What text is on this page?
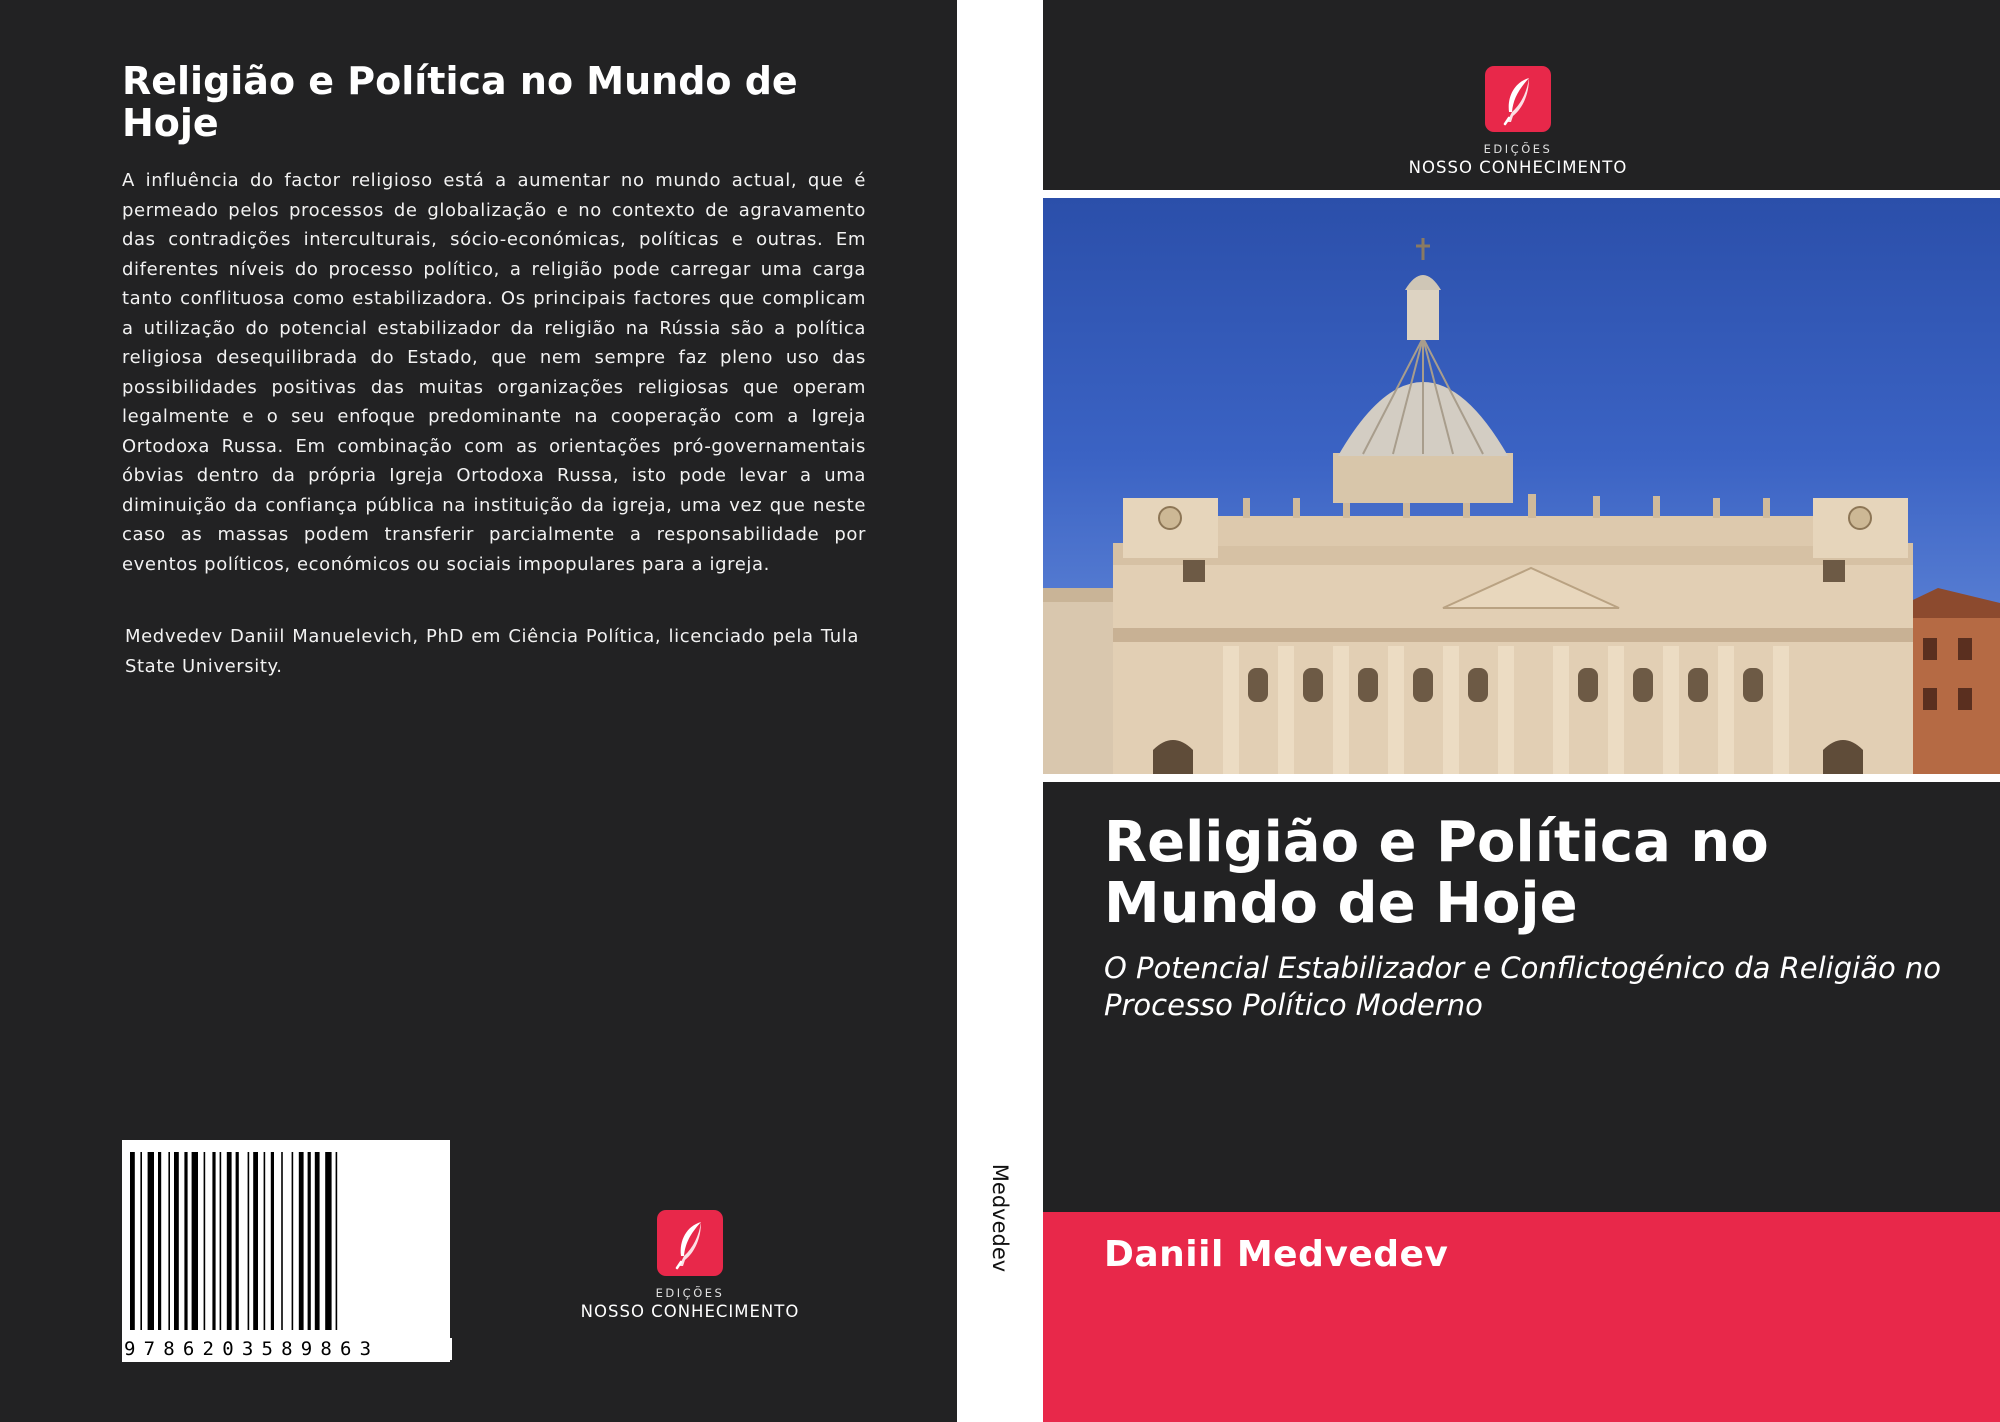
Religião e Política no Mundo de Hoje
A influência do factor religioso está a aumentar no mundo actual, que é permeado pelos processos de globalização e no contexto de agravamento das contradições interculturais, sócio-económicas, políticas e outras. Em diferentes níveis do processo político, a religião pode carregar uma carga tanto conflituosa como estabilizadora. Os principais factores que complicam a utilização do potencial estabilizador da religião na Rússia são a política religiosa desequilibrada do Estado, que nem sempre faz pleno uso das possibilidades positivas das muitas organizações religiosas que operam legalmente e o seu enfoque predominante na cooperação com a Igreja Ortodoxa Russa. Em combinação com as orientações pró-governamentais óbvias dentro da própria Igreja Ortodoxa Russa, isto pode levar a uma diminuição da confiança pública na instituição da igreja, uma vez que neste caso as massas podem transferir parcialmente a responsabilidade por eventos políticos, económicos ou sociais impopulares para a igreja.
Medvedev Daniil Manuelevich, PhD em Ciência Política, licenciado pela Tula State University.
9786203589863
EDIÇÕES
NOSSO CONHECIMENTO
Medvedev
EDIÇÕES
NOSSO CONHECIMENTO
Religião e Política no Mundo de Hoje
O Potencial Estabilizador e Conflictogénico da Religião no Processo Político Moderno
Daniil Medvedev
